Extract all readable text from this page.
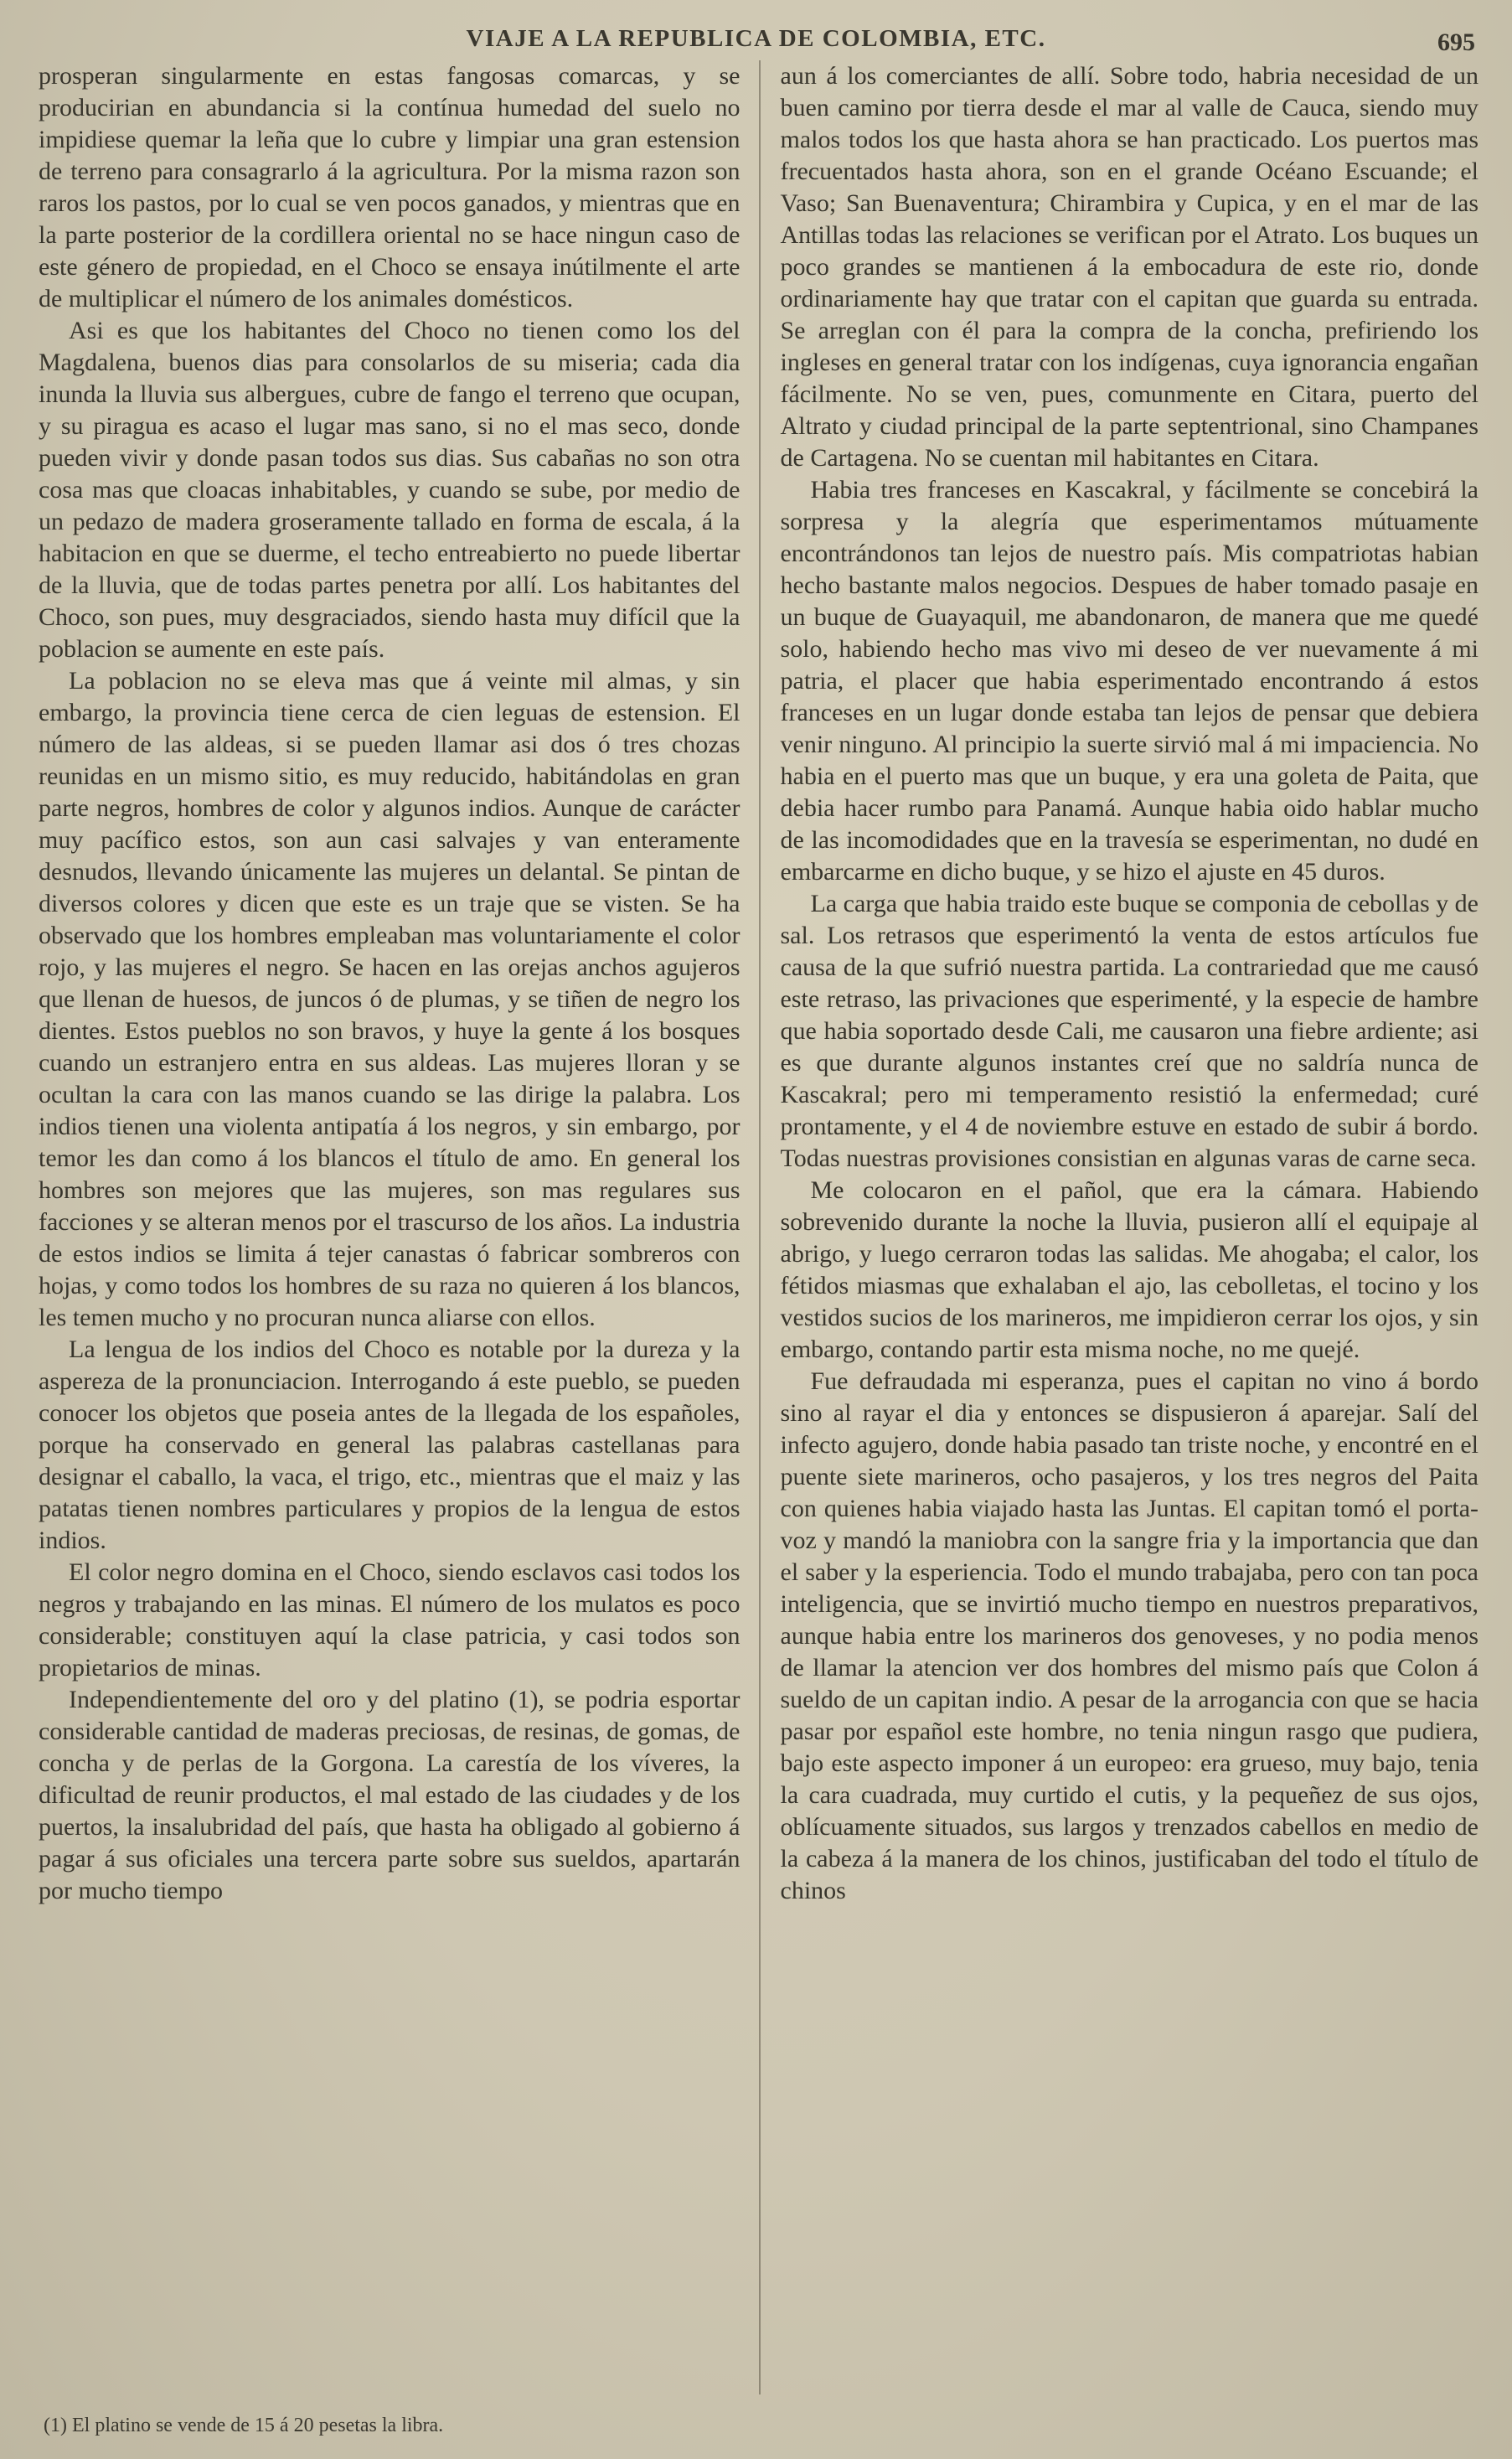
VIAJE A LA REPUBLICA DE COLOMBIA, ETC.	695

prosperan singularmente en estas fangosas comarcas, y se producirian en abundancia si la contínua humedad del suelo no impidiese quemar la leña que lo cubre y limpiar una gran estension de terreno para consagrarlo á la agricultura. Por la misma razon son raros los pastos, por lo cual se ven pocos ganados, y mientras que en la parte posterior de la cordillera oriental no se hace ningun caso de este género de propiedad, en el Choco se ensaya inútilmente el arte de multiplicar el número de los animales domésticos.

Asi es que los habitantes del Choco no tienen como los del Magdalena, buenos dias para consolarlos de su miseria; cada dia inunda la lluvia sus albergues, cubre de fango el terreno que ocupan, y su piragua es acaso el lugar mas sano, si no el mas seco, donde pueden vivir y donde pasan todos sus dias. Sus cabañas no son otra cosa mas que cloacas inhabitables, y cuando se sube, por medio de un pedazo de madera groseramente tallado en forma de escala, á la habitacion en que se duerme, el techo entreabierto no puede libertar de la lluvia, que de todas partes penetra por allí. Los habitantes del Choco, son pues, muy desgraciados, siendo hasta muy difícil que la poblacion se aumente en este país.

La poblacion no se eleva mas que á veinte mil almas, y sin embargo, la provincia tiene cerca de cien leguas de estension. El número de las aldeas, si se pueden llamar asi dos ó tres chozas reunidas en un mismo sitio, es muy reducido, habitándolas en gran parte negros, hombres de color y algunos indios. Aunque de carácter muy pacífico estos, son aun casi salvajes y van enteramente desnudos, llevando únicamente las mujeres un delantal. Se pintan de diversos colores y dicen que este es un traje que se visten. Se ha observado que los hombres empleaban mas voluntariamente el color rojo, y las mujeres el negro. Se hacen en las orejas anchos agujeros que llenan de huesos, de juncos ó de plumas, y se tiñen de negro los dientes. Estos pueblos no son bravos, y huye la gente á los bosques cuando un estranjero entra en sus aldeas. Las mujeres lloran y se ocultan la cara con las manos cuando se las dirige la palabra. Los indios tienen una violenta antipatía á los negros, y sin embargo, por temor les dan como á los blancos el título de amo. En general los hombres son mejores que las mujeres, son mas regulares sus facciones y se alteran menos por el trascurso de los años. La industria de estos indios se limita á tejer canastas ó fabricar sombreros con hojas, y como todos los hombres de su raza no quieren á los blancos, les temen mucho y no procuran nunca aliarse con ellos.

La lengua de los indios del Choco es notable por la dureza y la aspereza de la pronunciacion. Interrogando á este pueblo, se pueden conocer los objetos que poseia antes de la llegada de los españoles, porque ha conservado en general las palabras castellanas para designar el caballo, la vaca, el trigo, etc., mientras que el maiz y las patatas tienen nombres particulares y propios de la lengua de estos indios.

El color negro domina en el Choco, siendo esclavos casi todos los negros y trabajando en las minas. El número de los mulatos es poco considerable; constituyen aquí la clase patricia, y casi todos son propietarios de minas.

Independientemente del oro y del platino (1), se podria esportar considerable cantidad de maderas preciosas, de resinas, de gomas, de concha y de perlas de la Gorgona. La carestía de los víveres, la dificultad de reunir productos, el mal estado de las ciudades y de los puertos, la insalubridad del país, que hasta ha obligado al gobierno á pagar á sus oficiales una tercera parte sobre sus sueldos, apartarán por mucho tiempo

aun á los comerciantes de allí. Sobre todo, habria necesidad de un buen camino por tierra desde el mar al valle de Cauca, siendo muy malos todos los que hasta ahora se han practicado. Los puertos mas frecuentados hasta ahora, son en el grande Océano Escuande; el Vaso; San Buenaventura; Chirambira y Cupica, y en el mar de las Antillas todas las relaciones se verifican por el Atrato. Los buques un poco grandes se mantienen á la embocadura de este rio, donde ordinariamente hay que tratar con el capitan que guarda su entrada. Se arreglan con él para la compra de la concha, prefiriendo los ingleses en general tratar con los indígenas, cuya ignorancia engañan fácilmente. No se ven, pues, comunmente en Citara, puerto del Altrato y ciudad principal de la parte septentrional, sino Champanes de Cartagena. No se cuentan mil habitantes en Citara.

Habia tres franceses en Kascakral, y fácilmente se concebirá la sorpresa y la alegría que esperimentamos mútuamente encontrándonos tan lejos de nuestro país. Mis compatriotas habian hecho bastante malos negocios. Despues de haber tomado pasaje en un buque de Guayaquil, me abandonaron, de manera que me quedé solo, habiendo hecho mas vivo mi deseo de ver nuevamente á mi patria, el placer que habia esperimentado encontrando á estos franceses en un lugar donde estaba tan lejos de pensar que debiera venir ninguno. Al principio la suerte sirvió mal á mi impaciencia. No habia en el puerto mas que un buque, y era una goleta de Paita, que debia hacer rumbo para Panamá. Aunque habia oido hablar mucho de las incomodidades que en la travesía se esperimentan, no dudé en embarcarme en dicho buque, y se hizo el ajuste en 45 duros.

La carga que habia traido este buque se componia de cebollas y de sal. Los retrasos que esperimentó la venta de estos artículos fue causa de la que sufrió nuestra partida. La contrariedad que me causó este retraso, las privaciones que esperimenté, y la especie de hambre que habia soportado desde Cali, me causaron una fiebre ardiente; asi es que durante algunos instantes creí que no saldría nunca de Kascakral; pero mi temperamento resistió la enfermedad; curé prontamente, y el 4 de noviembre estuve en estado de subir á bordo. Todas nuestras provisiones consistian en algunas varas de carne seca.

Me colocaron en el pañol, que era la cámara. Habiendo sobrevenido durante la noche la lluvia, pusieron allí el equipaje al abrigo, y luego cerraron todas las salidas. Me ahogaba; el calor, los fétidos miasmas que exhalaban el ajo, las cebolletas, el tocino y los vestidos sucios de los marineros, me impidieron cerrar los ojos, y sin embargo, contando partir esta misma noche, no me quejé.

Fue defraudada mi esperanza, pues el capitan no vino á bordo sino al rayar el dia y entonces se dispusieron á aparejar. Salí del infecto agujero, donde habia pasado tan triste noche, y encontré en el puente siete marineros, ocho pasajeros, y los tres negros del Paita con quienes habia viajado hasta las Juntas. El capitan tomó el porta-voz y mandó la maniobra con la sangre fria y la importancia que dan el saber y la esperiencia. Todo el mundo trabajaba, pero con tan poca inteligencia, que se invirtió mucho tiempo en nuestros preparativos, aunque habia entre los marineros dos genoveses, y no podia menos de llamar la atencion ver dos hombres del mismo país que Colon á sueldo de un capitan indio. A pesar de la arrogancia con que se hacia pasar por español este hombre, no tenia ningun rasgo que pudiera, bajo este aspecto imponer á un europeo: era grueso, muy bajo, tenia la cara cuadrada, muy curtido el cutis, y la pequeñez de sus ojos, oblícuamente situados, sus largos y trenzados cabellos en medio de la cabeza á la manera de los chinos, justificaban del todo el título de chinos

(1) El platino se vende de 15 á 20 pesetas la libra.
